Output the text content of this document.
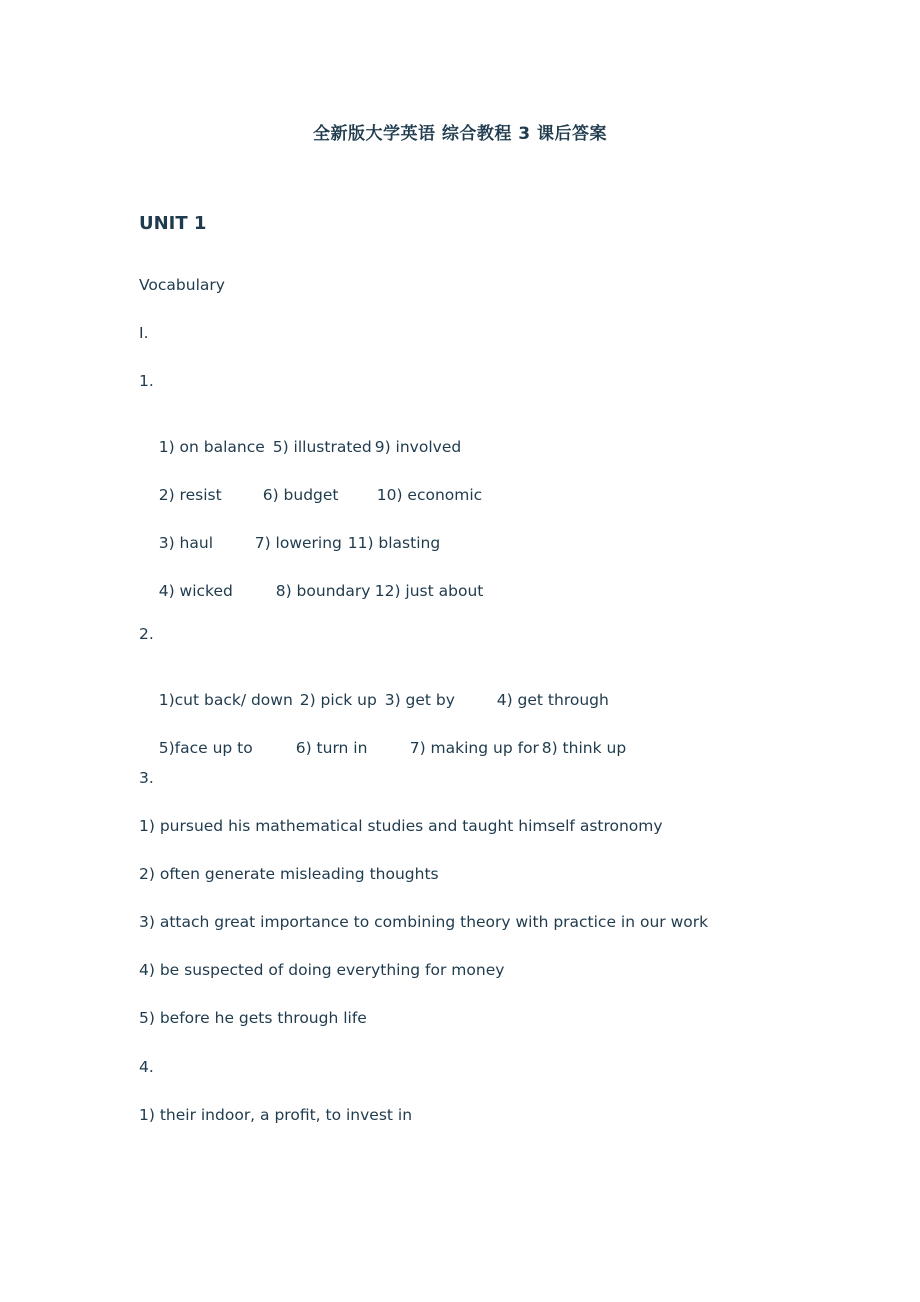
全新版大学英语 综合教程 3 课后答案
UNIT 1
Vocabulary
I.
1.

1) on balance 5) illustrated 9) involved

2) resist	6) budget 10) economic

3) haul	7) lowering 11) blasting

4) wicked	8) boundary 12) just about

2.

1)cut back/ down 2) pick up 3) get by	4) get through

5)face up to	6) turn in	7) making up for 8) think up

3.
1) pursued his mathematical studies and taught himself astronomy
2) often generate misleading thoughts
3) attach great importance to combining theory with practice in our work
4) be suspected of doing everything for money
5) before he gets through life
4.
1) their indoor, a profit, to invest in
